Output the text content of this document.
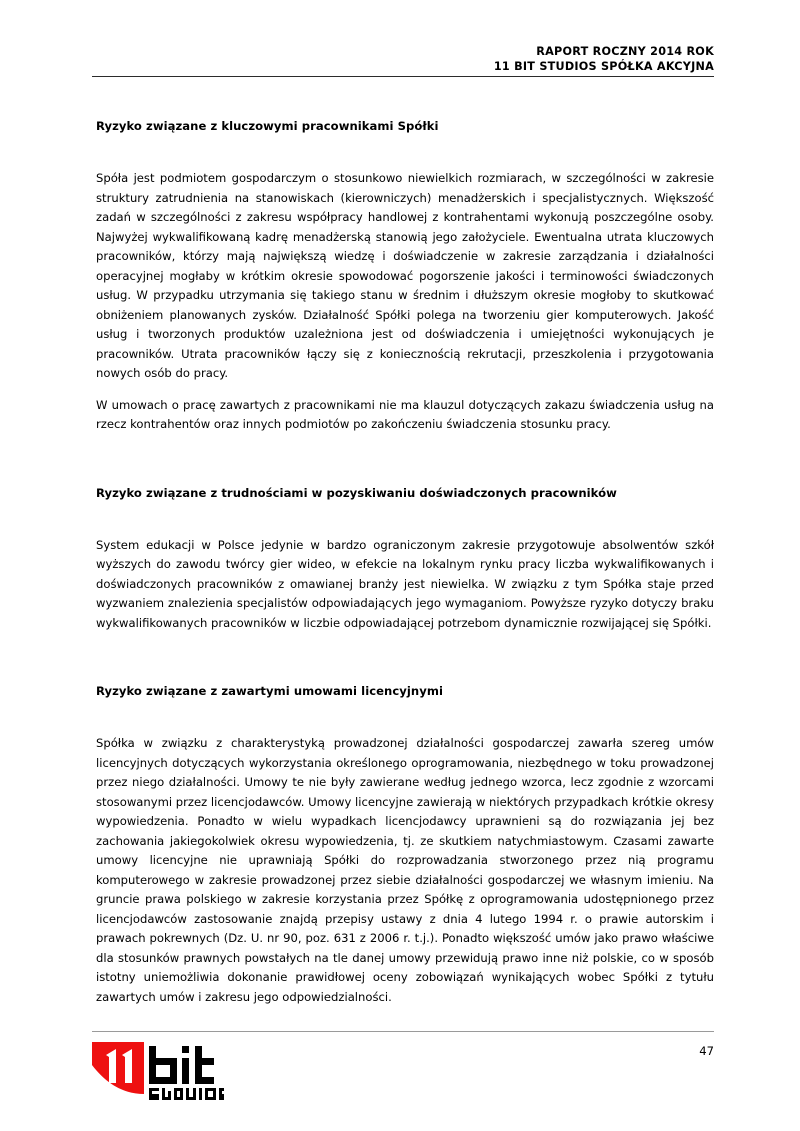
RAPORT ROCZNY 2014 ROK
11 BIT STUDIOS SPÓŁKA AKCYJNA
Ryzyko związane z kluczowymi pracownikami Spółki

Spóła jest podmiotem gospodarczym o stosunkowo niewielkich rozmiarach, w szczególności w zakresie struktury zatrudnienia na stanowiskach (kierowniczych) menadżerskich i specjalistycznych. Większość zadań w szczególności z zakresu współpracy handlowej z kontrahentami wykonują poszczególne osoby. Najwyżej wykwalifikowaną kadrę menadżerską stanowią jego założyciele. Ewentualna utrata kluczowych pracowników, którzy mają największą wiedzę i doświadczenie w zakresie zarządzania i działalności operacyjnej mogłaby w krótkim okresie spowodować pogorszenie jakości i terminowości świadczonych usług. W przypadku utrzymania się takiego stanu w średnim i dłuższym okresie mogłoby to skutkować obniżeniem planowanych zysków. Działalność Spółki polega na tworzeniu gier komputerowych. Jakość usług i tworzonych produktów uzależniona jest od doświadczenia i umiejętności wykonujących je pracowników. Utrata pracowników łączy się z koniecznością rekrutacji, przeszkolenia i przygotowania nowych osób do pracy.

W umowach o pracę zawartych z pracownikami nie ma klauzul dotyczących zakazu świadczenia usług na rzecz kontrahentów oraz innych podmiotów po zakończeniu świadczenia stosunku pracy.

Ryzyko związane z trudnościami w pozyskiwaniu doświadczonych pracowników

System edukacji w Polsce jedynie w bardzo ograniczonym zakresie przygotowuje absolwentów szkół wyższych do zawodu twórcy gier wideo, w efekcie na lokalnym rynku pracy liczba wykwalifikowanych i doświadczonych pracowników z omawianej branży jest niewielka. W związku z tym Spółka staje przed wyzwaniem znalezienia specjalistów odpowiadających jego wymaganiom. Powyższe ryzyko dotyczy braku wykwalifikowanych pracowników w liczbie odpowiadającej potrzebom dynamicznie rozwijającej się Spółki.

Ryzyko związane z zawartymi umowami licencyjnymi

Spółka w związku z charakterystyką prowadzonej działalności gospodarczej zawarła szereg umów licencyjnych dotyczących wykorzystania określonego oprogramowania, niezbędnego w toku prowadzonej przez niego działalności. Umowy te nie były zawierane według jednego wzorca, lecz zgodnie z wzorcami stosowanymi przez licencjodawców. Umowy licencyjne zawierają w niektórych przypadkach krótkie okresy wypowiedzenia. Ponadto w wielu wypadkach licencjodawcy uprawnieni są do rozwiązania jej bez zachowania jakiegokolwiek okresu wypowiedzenia, tj. ze skutkiem natychmiastowym. Czasami zawarte umowy licencyjne nie uprawniają Spółki do rozprowadzania stworzonego przez nią programu komputerowego w zakresie prowadzonej przez siebie działalności gospodarczej we własnym imieniu. Na gruncie prawa polskiego w zakresie korzystania przez Spółkę z oprogramowania udostępnionego przez licencjodawców zastosowanie znajdą przepisy ustawy z dnia 4 lutego 1994 r. o prawie autorskim i prawach pokrewnych (Dz. U. nr 90, poz. 631 z 2006 r. t.j.). Ponadto większość umów jako prawo właściwe dla stosunków prawnych powstałych na tle danej umowy przewidują prawo inne niż polskie, co w sposób istotny uniemożliwia dokonanie prawidłowej oceny zobowiązań wynikających wobec Spółki z tytułu zawartych umów i zakresu jego odpowiedzialności.

47
